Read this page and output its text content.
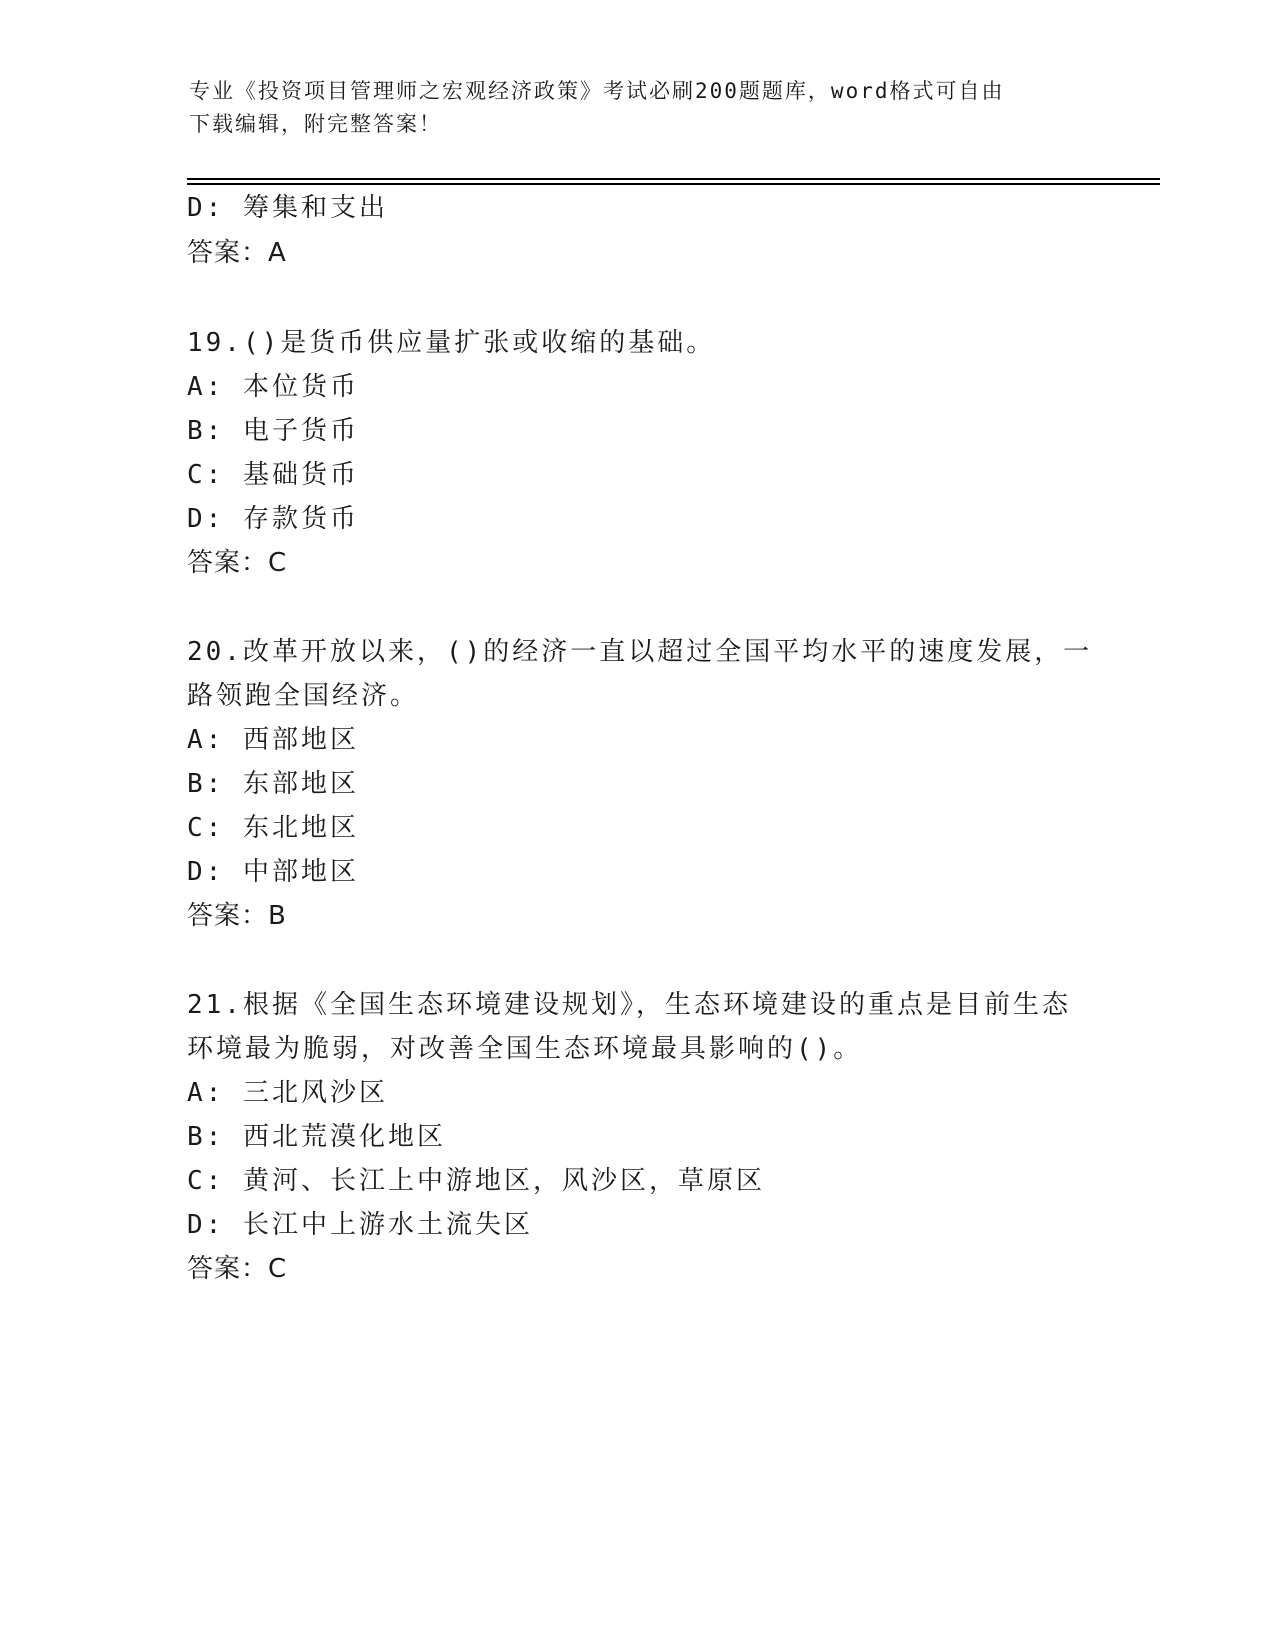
专业《投资项目管理师之宏观经济政策》考试必刷200题题库，word格式可自由
下载编辑，附完整答案！
D: 筹集和支出
答案：A
19.()是货币供应量扩张或收缩的基础。
A: 本位货币
B: 电子货币
C: 基础货币
D: 存款货币
答案：C
20.改革开放以来，()的经济一直以超过全国平均水平的速度发展，一
路领跑全国经济。
A: 西部地区
B: 东部地区
C: 东北地区
D: 中部地区
答案：B
21.根据《全国生态环境建设规划》，生态环境建设的重点是目前生态
环境最为脆弱，对改善全国生态环境最具影响的()。
A: 三北风沙区
B: 西北荒漠化地区
C: 黄河、长江上中游地区，风沙区，草原区
D: 长江中上游水土流失区
答案：C
